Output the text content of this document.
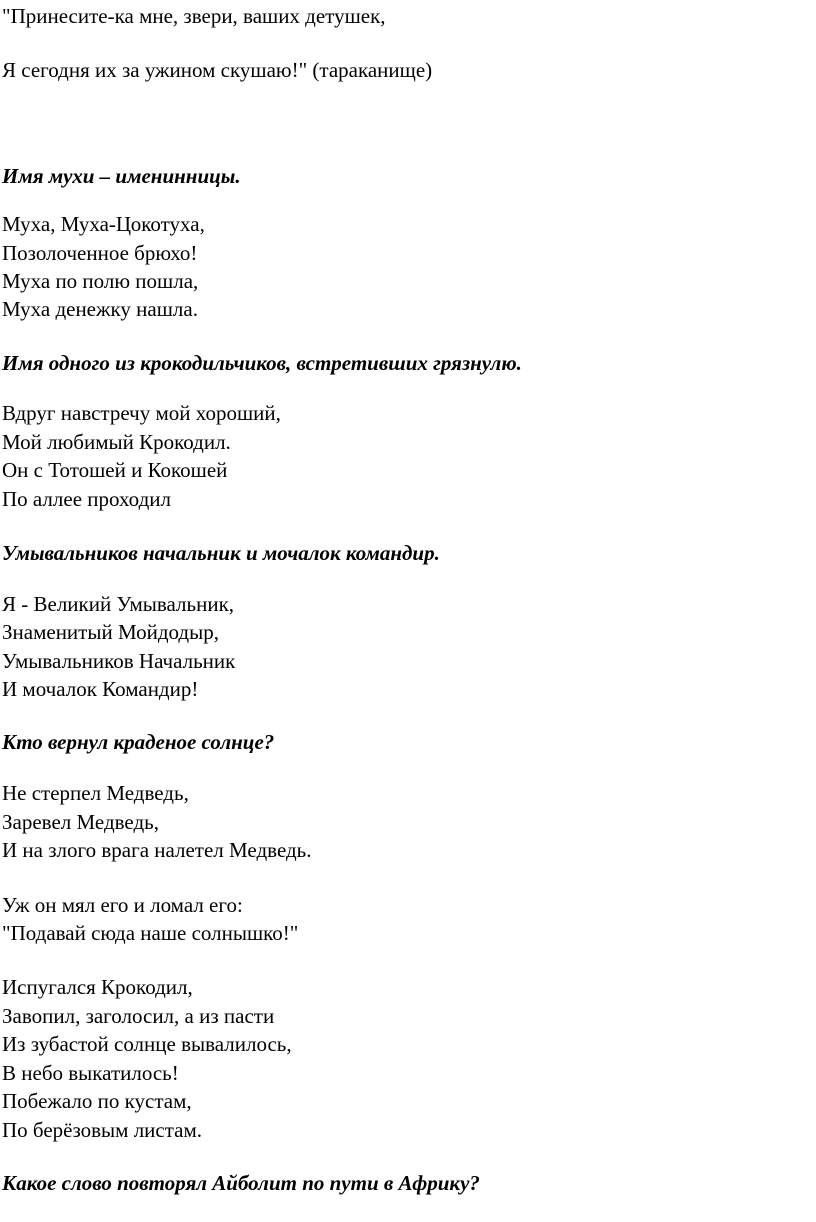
"Принесите-ка мне, звери, ваших детушек,
Я сегодня их за ужином скушаю!" (тараканище)
Имя мухи – именинницы.
Муха, Муха-Цокотуха,
Позолоченное брюхо!
Муха по полю пошла,
Муха денежку нашла.
Имя одного из крокодильчиков, встретивших грязнулю.
Вдруг навстречу мой хороший,
Мой любимый Крокодил.
Он с Тотошей и Кокошей
По аллее проходил
Умывальников начальник и мочалок командир.
Я - Великий Умывальник,
Знаменитый Мойдодыр,
Умывальников Начальник
И мочалок Командир!
Кто вернул краденое солнце?
Не стерпел Медведь,
Заревел Медведь,
И на злого врага налетел Медведь.
Уж он мял его и ломал его:
"Подавай сюда наше солнышко!"
Испугался Крокодил,
Завопил, заголосил, а из пасти
Из зубастой солнце вывалилось,
В небо выкатилось!
Побежало по кустам,
По берёзовым листам.
Какое слово повторял Айболит по пути в Африку?
